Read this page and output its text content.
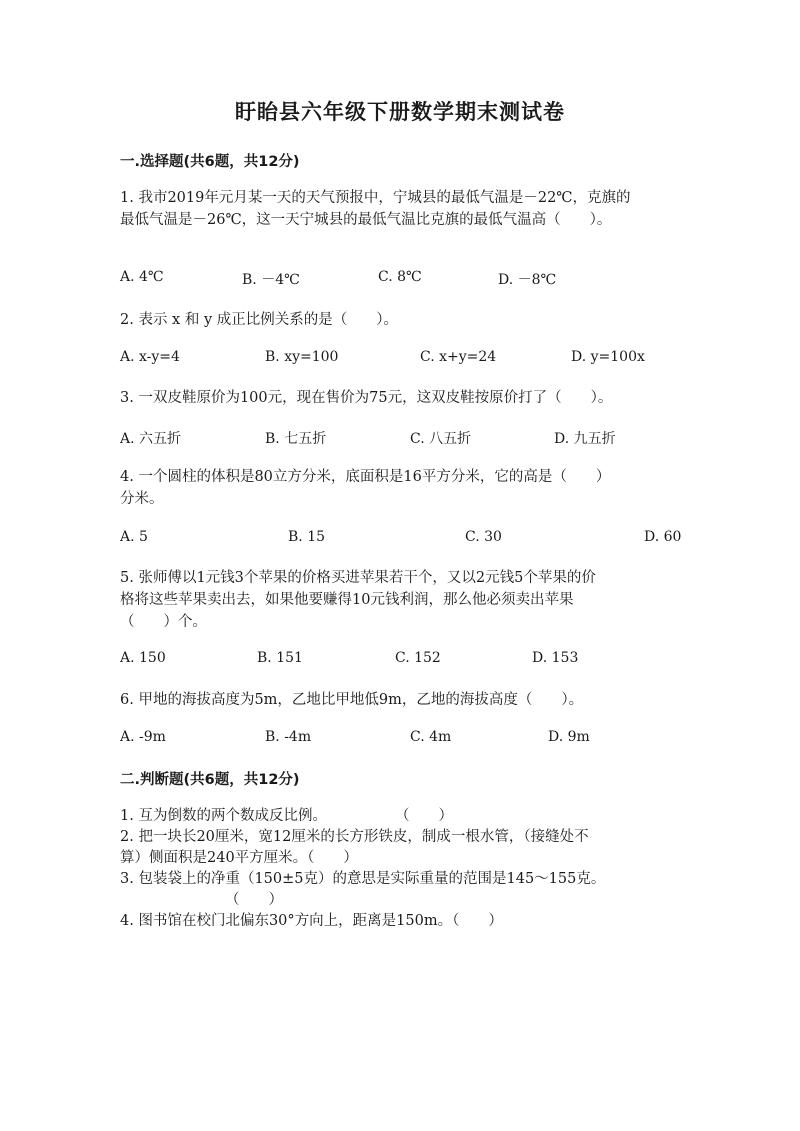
盱眙县六年级下册数学期末测试卷
一.选择题(共6题，共12分)
1. 我市2019年元月某一天的天气预报中，宁城县的最低气温是－22℃，克旗的
最低气温是－26℃，这一天宁城县的最低气温比克旗的最低气温高（　　）。
A. 4℃	B. －4℃	C. 8℃	D. －8℃
2. 表示 x 和 y 成正比例关系的是（　　）。
A. x-y=4	B. xy=100	C. x+y=24	D. y=100x
3. 一双皮鞋原价为100元，现在售价为75元，这双皮鞋按原价打了（　　）。
A. 六五折	B. 七五折	C. 八五折	D. 九五折
4. 一个圆柱的体积是80立方分米，底面积是16平方分米，它的高是（　　）
分米。
A. 5	B. 15	C. 30	D. 60
5. 张师傅以1元钱3个苹果的价格买进苹果若干个，又以2元钱5个苹果的价
格将这些苹果卖出去，如果他要赚得10元钱利润，那么他必须卖出苹果
（　　）个。
A. 150	B. 151	C. 152	D. 153
6. 甲地的海拔高度为5m，乙地比甲地低9m，乙地的海拔高度（　　）。
A. -9m	B. -4m	C. 4m	D. 9m
二.判断题(共6题，共12分)
1. 互为倒数的两个数成反比例。	（　　）
2. 把一块长20厘米，宽12厘米的长方形铁皮，制成一根水管，（接缝处不
算）侧面积是240平方厘米。（　　）
3. 包装袋上的净重（150±5克）的意思是实际重量的范围是145～155克。
（　　）
4. 图书馆在校门北偏东30°方向上，距离是150m。（　　）
